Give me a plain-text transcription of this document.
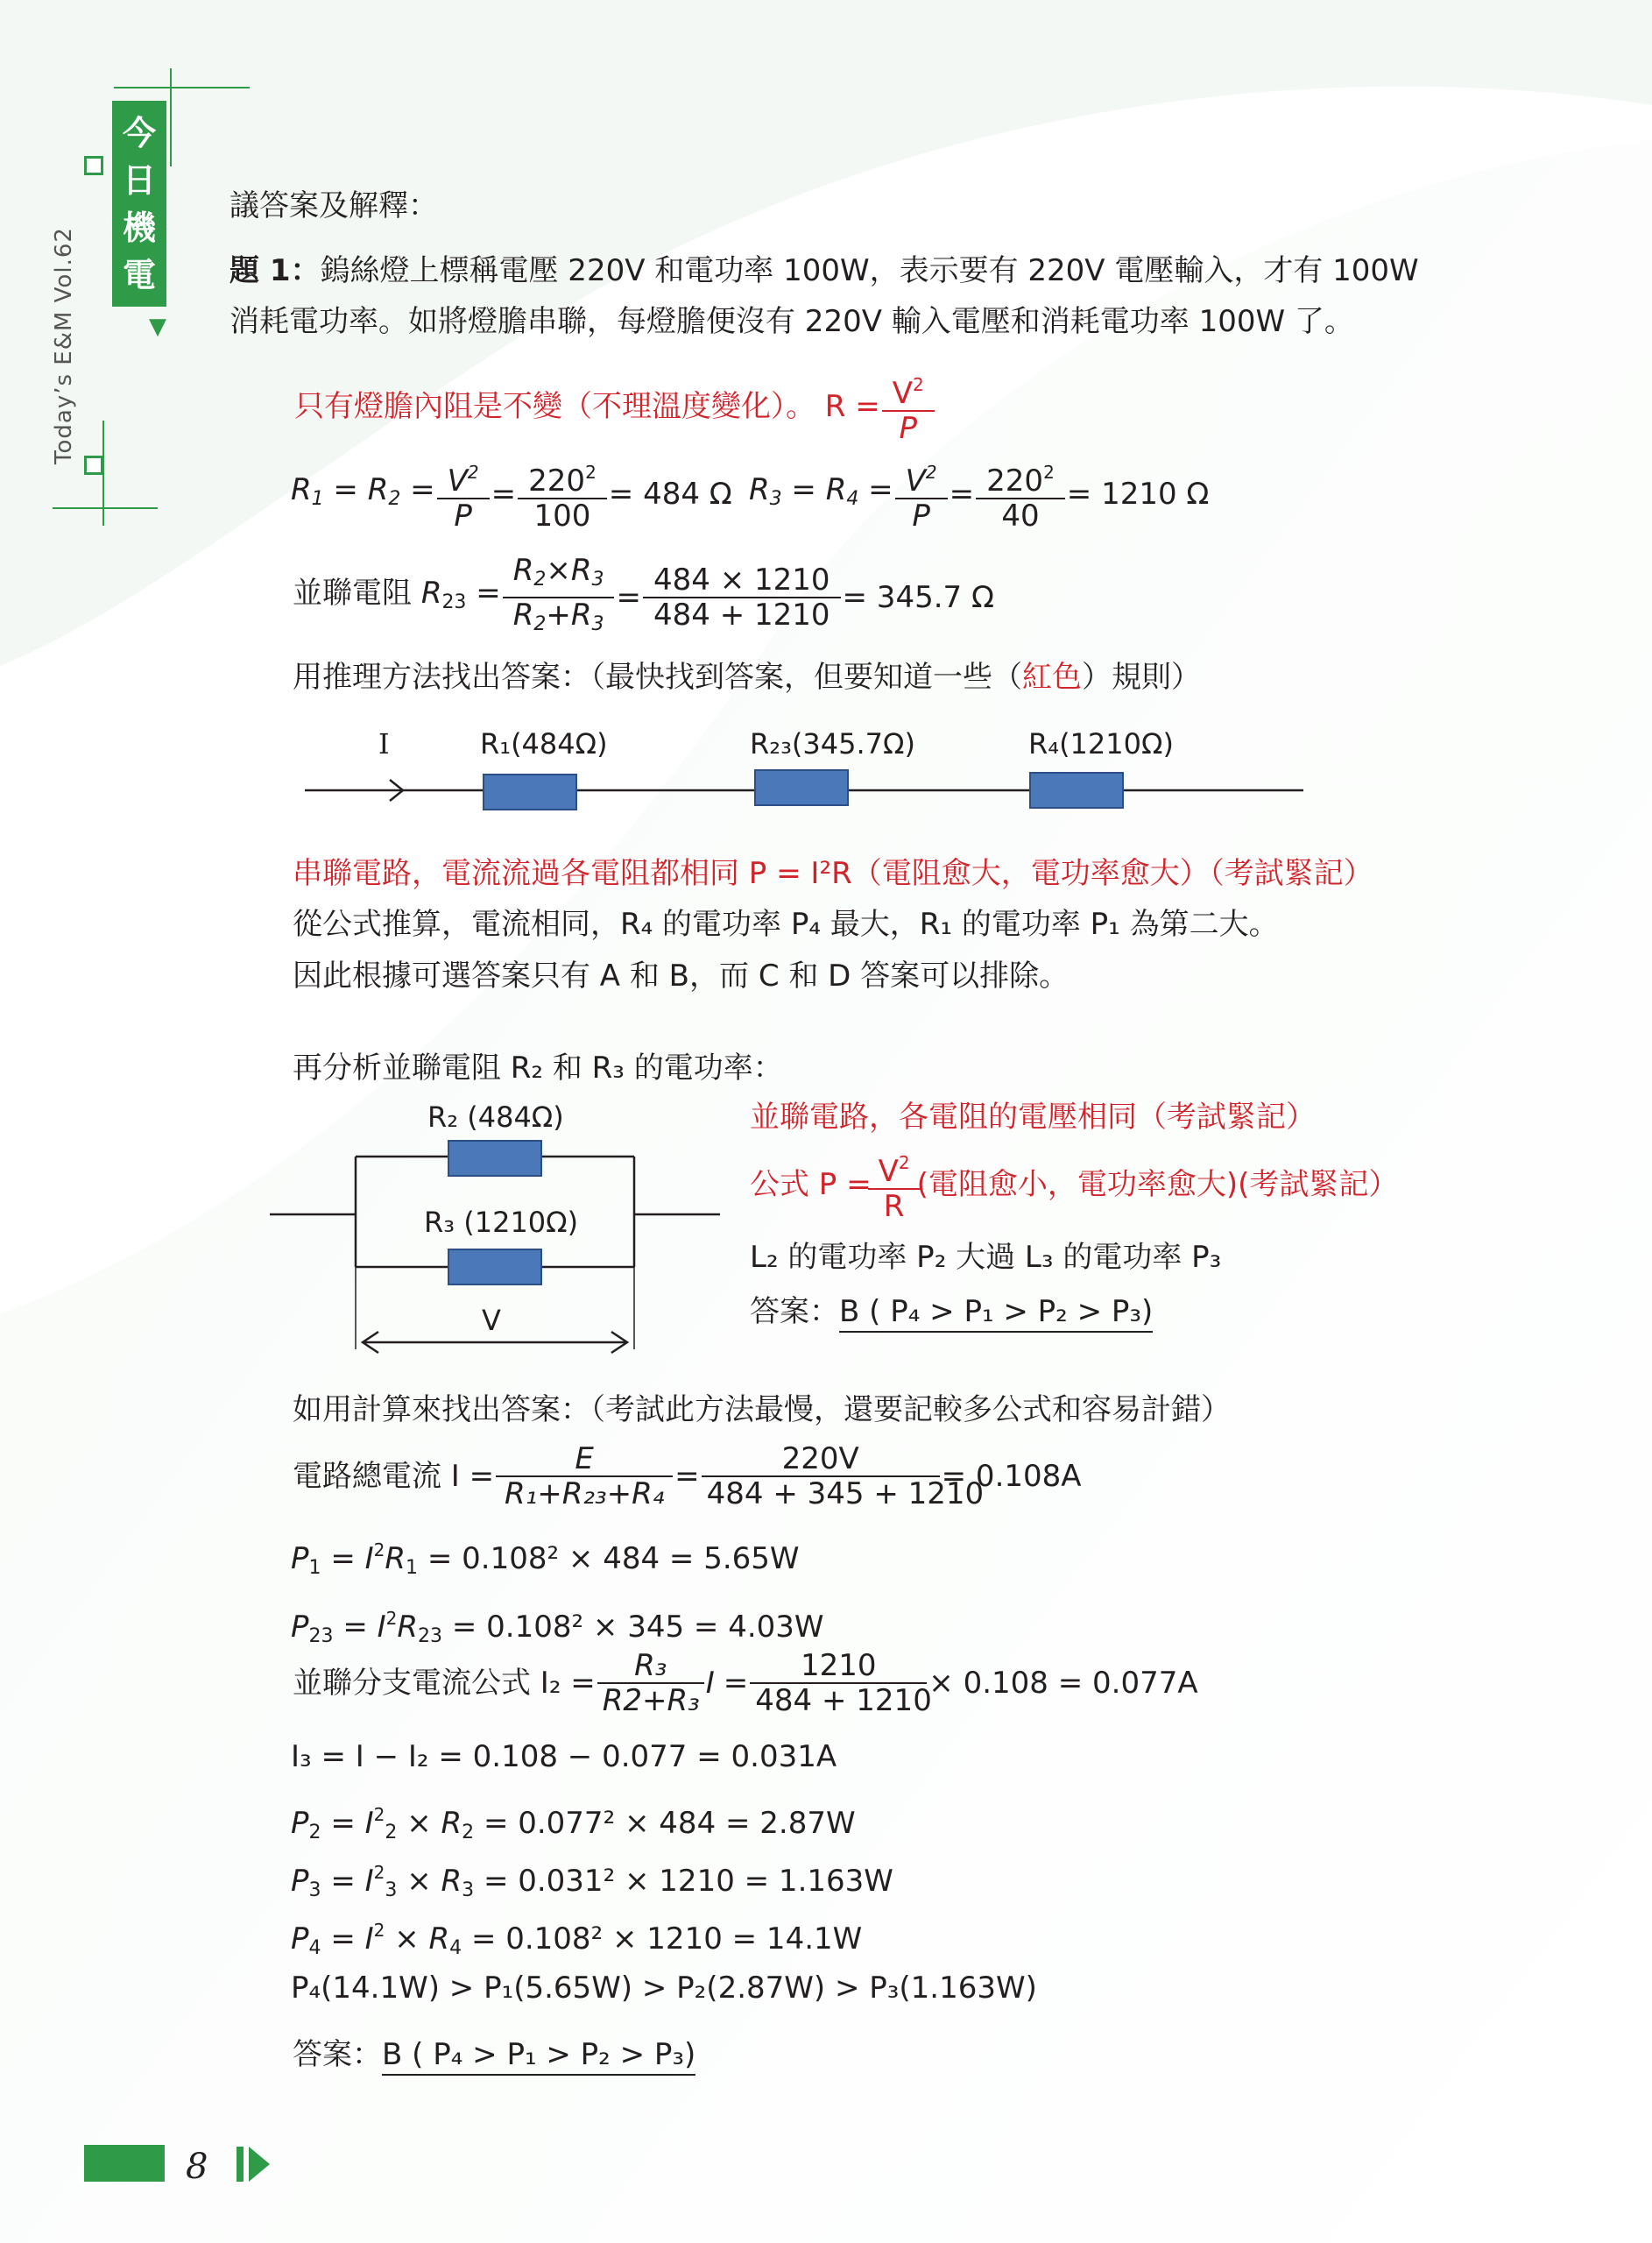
今日機電
▼
Today’s E&M Vol.62
議答案及解釋：
題 1：鎢絲燈上標稱電壓 220V 和電功率 100W，表示要有 220V 電壓輸入，才有 100W
消耗電功率。如將燈膽串聯，每燈膽便沒有 220V 輸入電壓和消耗電功率 100W 了。
只有燈膽內阻是不變（不理溫度變化）。 $R = \frac{V^2}{P}$
$R_1 = R_2 = \frac{V^2}{P} = \frac{220^2}{100} = 484$ Ω $R_3 = R_4 = \frac{V^2}{P} = \frac{220^2}{40} = 1210$ Ω
並聯電阻 $R_{23} = \frac{R_2\times R_3}{R_2+R_3} = \frac{484 \times 1210}{484 + 1210} = 345.7$ Ω
用推理方法找出答案：（最快找到答案，但要知道一些（紅色）規則）
I	R₁(484Ω)	R₂₃(345.7Ω)	R₄(1210Ω)
串聯電路，電流流過各電阻都相同 P = I²R（電阻愈大，電功率愈大）（考試緊記）
從公式推算，電流相同，R₄ 的電功率 P₄ 最大，R₁ 的電功率 P₁ 為第二大。
因此根據可選答案只有 A 和 B，而 C 和 D 答案可以排除。
再分析並聯電阻 R₂ 和 R₃ 的電功率：
R₂ (484Ω)
R₃ (1210Ω)
V
並聯電路，各電阻的電壓相同（考試緊記）
公式 $P = \frac{V^2}{R}$ (電阻愈小，電功率愈大)(考試緊記）
L₂ 的電功率 P₂ 大過 L₃ 的電功率 P₃
答案：B ( P₄ > P₁ > P₂ > P₃)
如用計算來找出答案：（考試此方法最慢，還要記較多公式和容易計錯）
電路總電流 $I = \frac{E}{\text{R₁+R₂₃+R₄}} = \frac{220V}{484 + 345 + 1210} = 0.108A$
$P_1 = I^2R_1 = 0.108^2 \times 484 = 5.65W$
$P_{23} = I^2R_{23} = 0.108^2 \times 345 = 4.03W$
並聯分支電流公式 $I_2 = \frac{\text{R₃}}{\text{R2+R₃}}$ $I = \frac{1210}{484 + 1210} \times 0.108 = 0.077A$
I₃ = I − I₂ = 0.108 − 0.077 = 0.031A
$P_2 = I^2_2 \times R_2 = 0.077^2 \times 484 = 2.87W$
$P_3 = I^2_3 \times R_3 = 0.031^2 \times 1210 = 1.163W$
$P_4 = I^2 \times R_4 = 0.108^2 \times 1210 = 14.1W$
P₄(14.1W) > P₁(5.65W) > P₂(2.87W) > P₃(1.163W)
答案：B ( P₄ > P₁ > P₂ > P₃)
8
